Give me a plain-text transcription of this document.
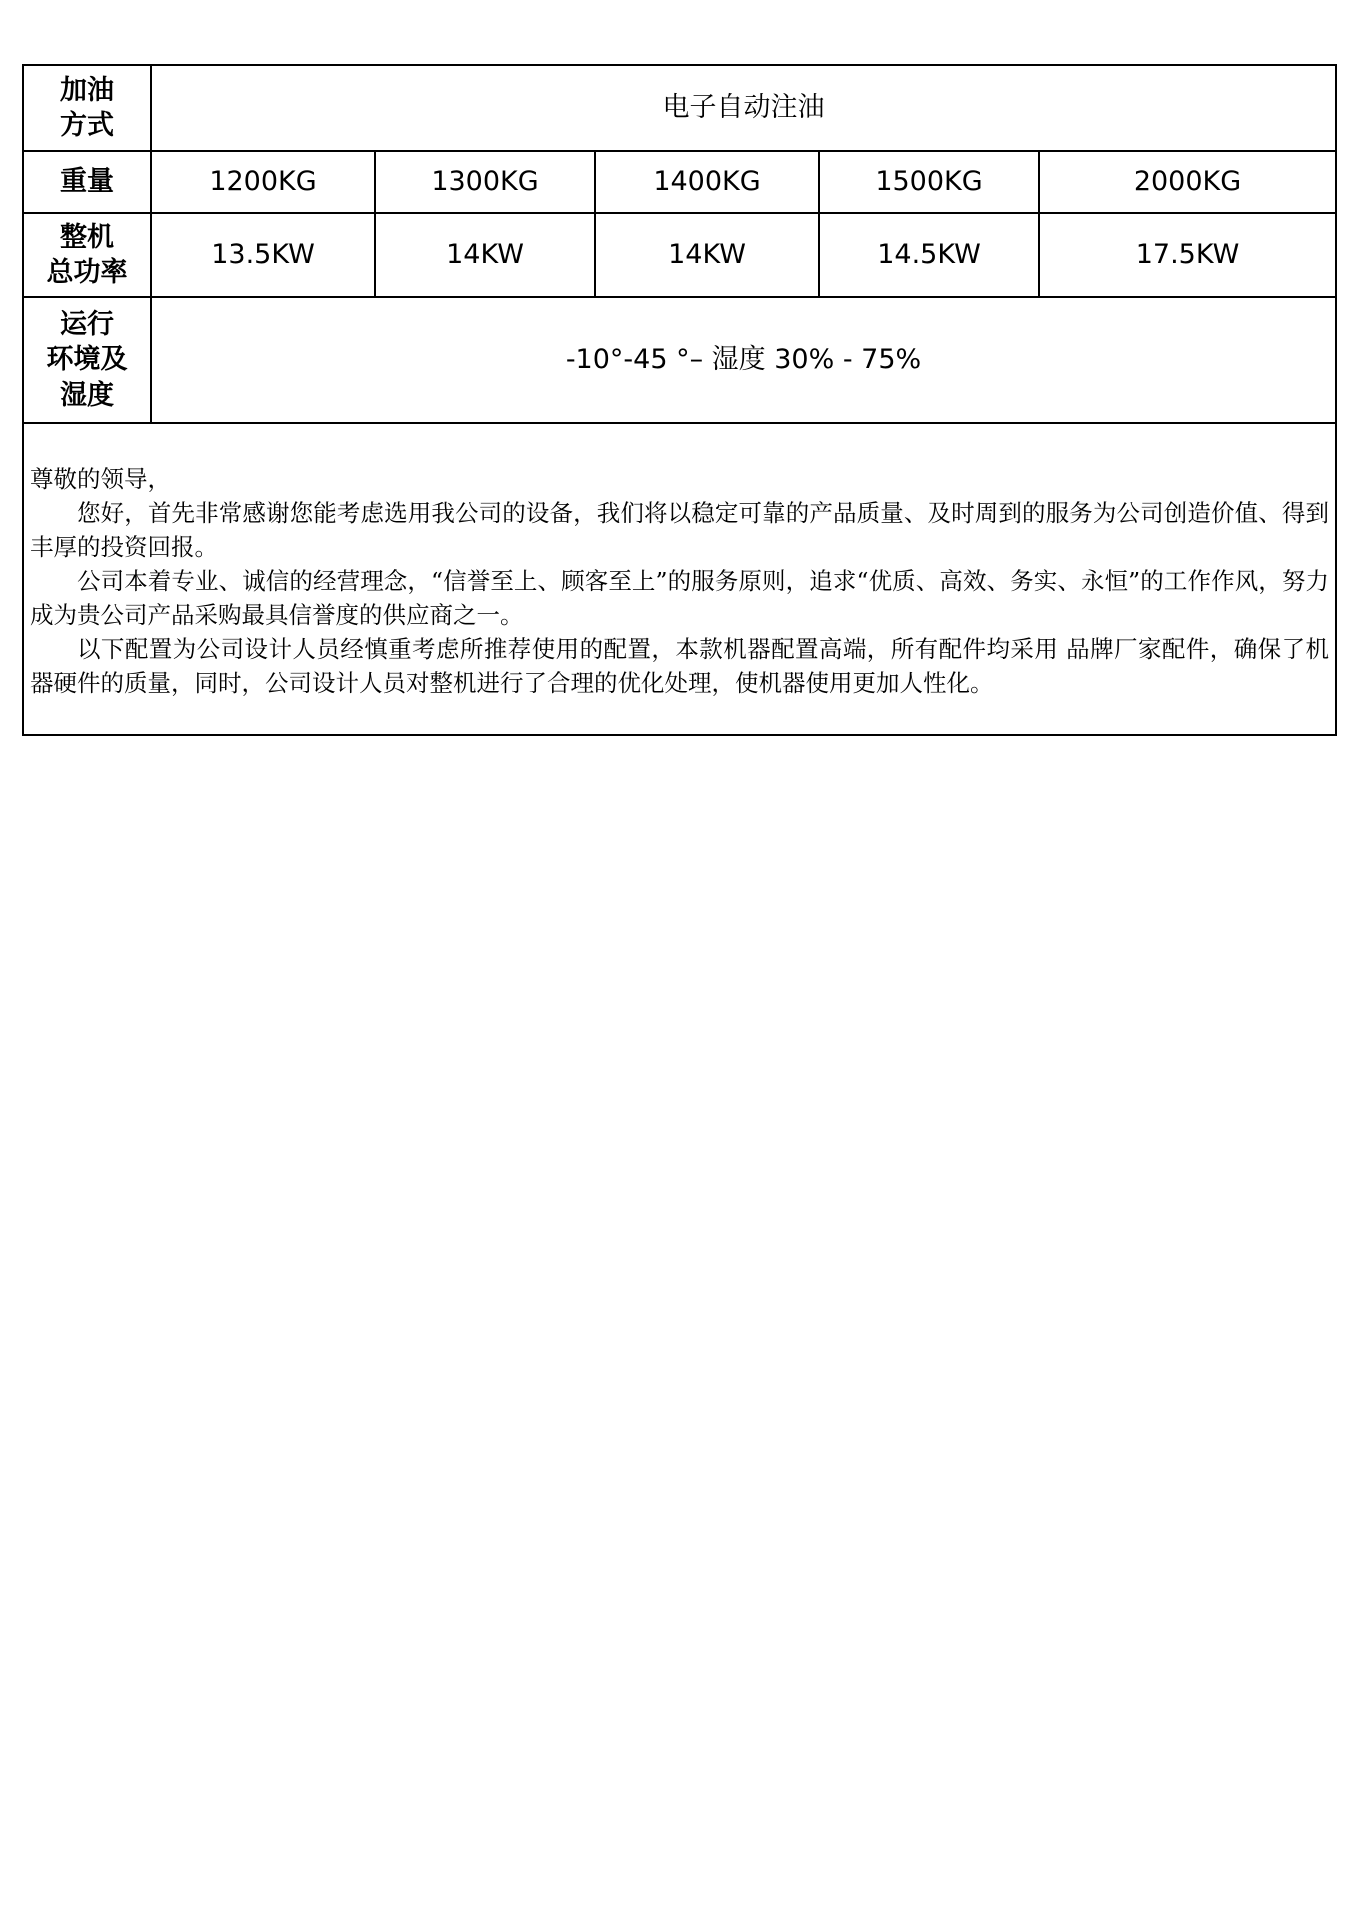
加油
方式	电子自动注油				

重量	1200KG	1300KG	1400KG	1500KG	2000KG

整机
总功率	13.5KW	14KW	14KW	14.5KW	17.5KW

运行
环境及
湿度	-10°-45 °– 湿度 30% - 75%				

尊敬的领导，

您好，首先非常感谢您能考虑选用我公司的设备，我们将以稳定可靠的产品质量、及时周到的服务为公司创造价值、得到丰厚的投资回报。

公司本着专业、诚信的经营理念，“信誉至上、顾客至上”的服务原则，追求“优质、高效、务实、永恒”的工作作风，努力成为贵公司产品采购最具信誉度的供应商之一。

以下配置为公司设计人员经慎重考虑所推荐使用的配置，本款机器配置高端，所有配件均采用 品牌厂家配件，确保了机器硬件的质量，同时，公司设计人员对整机进行了合理的优化处理，使机器使用更加人性化。					
